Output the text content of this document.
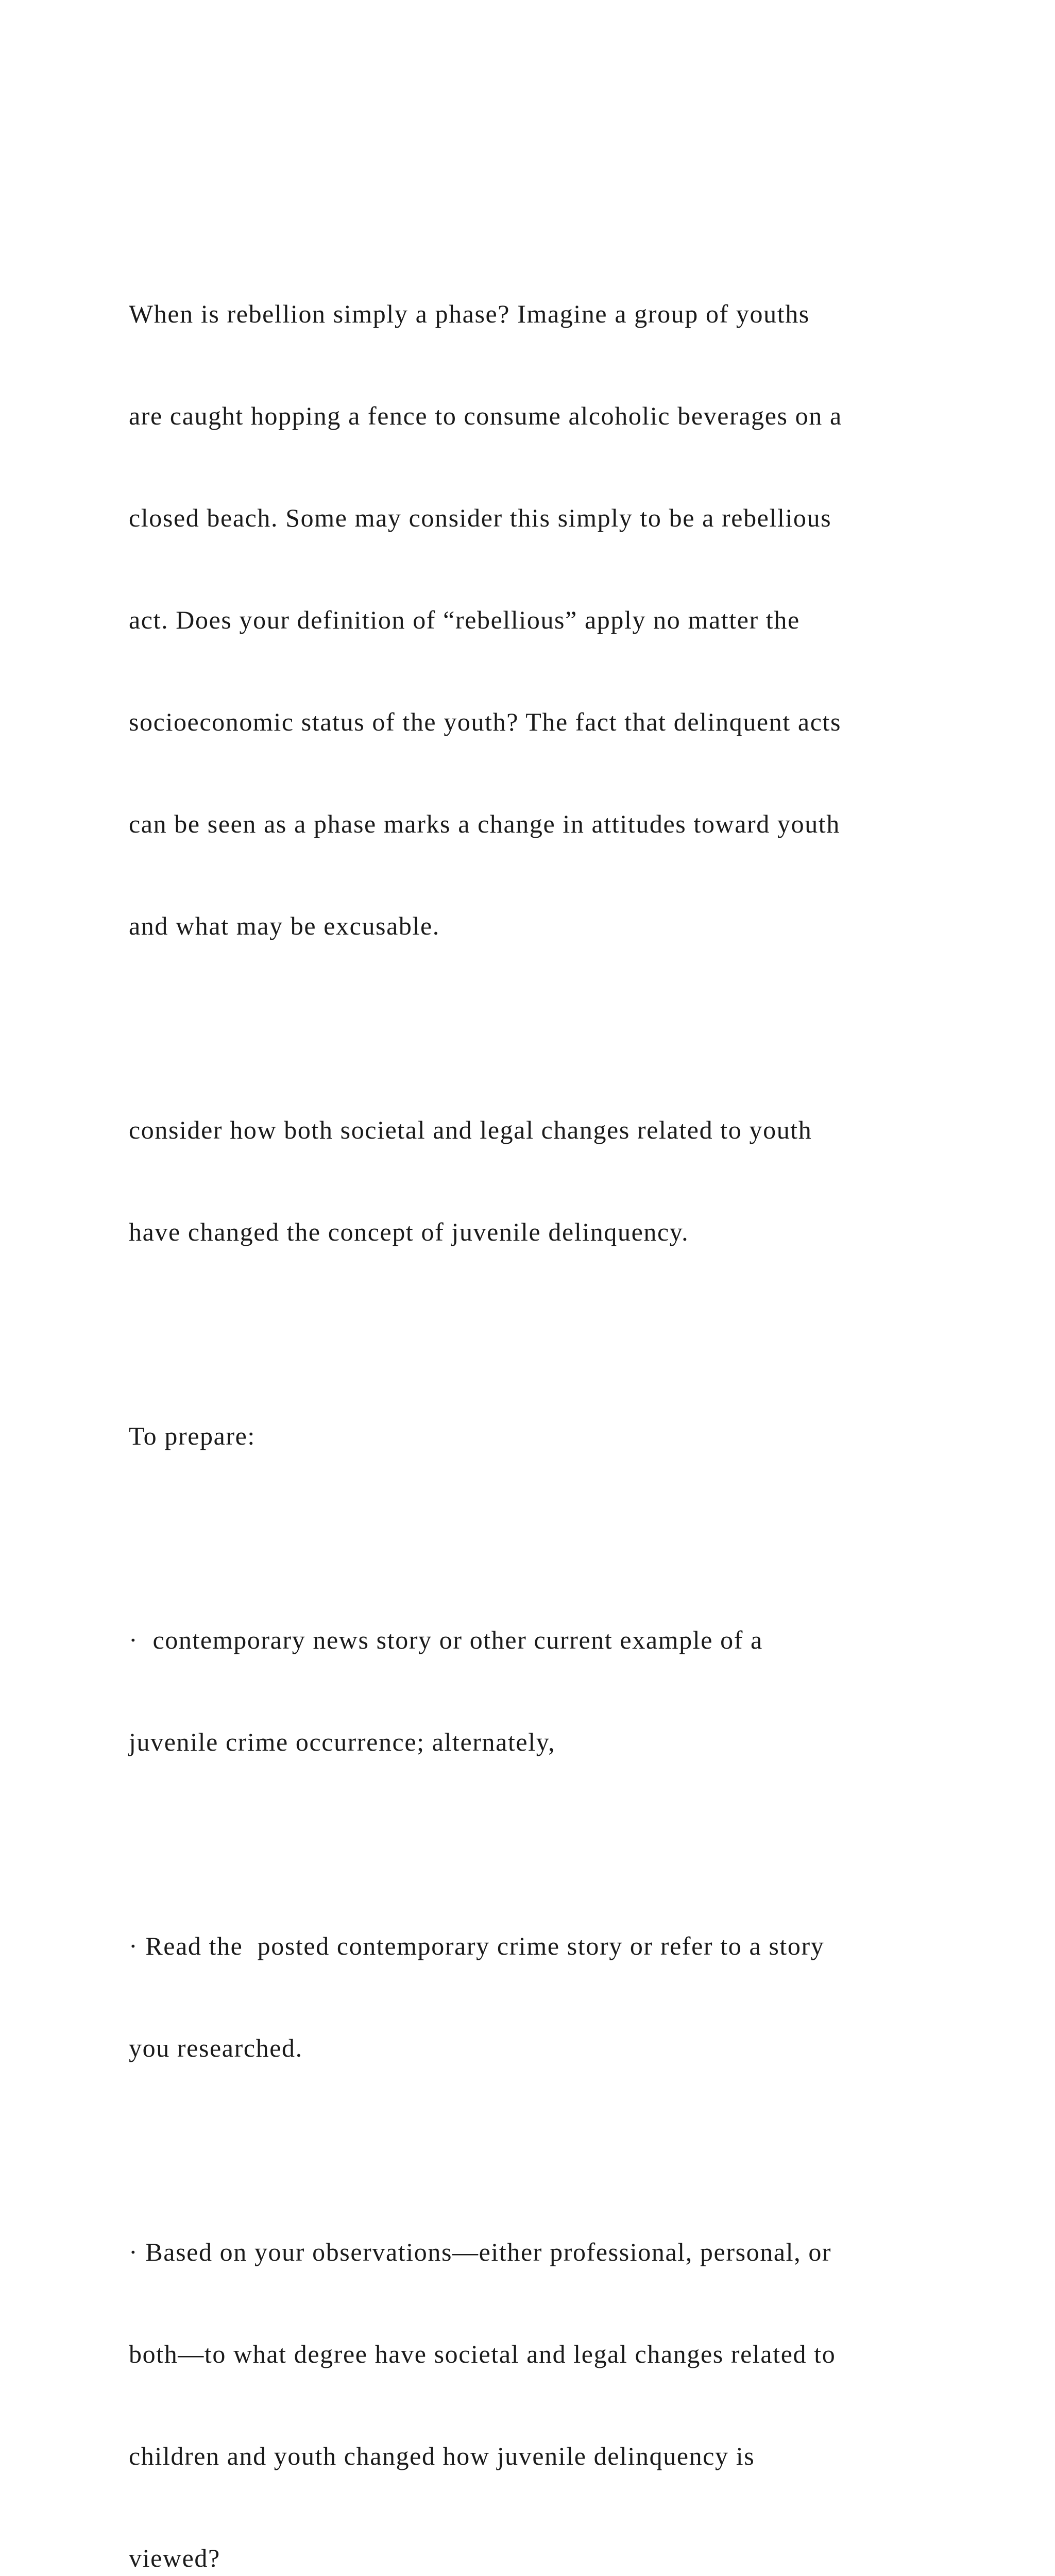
When is rebellion simply a phase? Imagine a group of youths

are caught hopping a fence to consume alcoholic beverages on a

closed beach. Some may consider this simply to be a rebellious

act. Does your definition of “rebellious” apply no matter the

socioeconomic status of the youth? The fact that delinquent acts

can be seen as a phase marks a change in attitudes toward youth

and what may be excusable.

consider how both societal and legal changes related to youth

have changed the concept of juvenile delinquency.

To prepare:

·  contemporary news story or other current example of a

juvenile crime occurrence; alternately,

· Read the  posted contemporary crime story or refer to a story

you researched.

· Based on your observations—either professional, personal, or

both—to what degree have societal and legal changes related to

children and youth changed how juvenile delinquency is

viewed?
